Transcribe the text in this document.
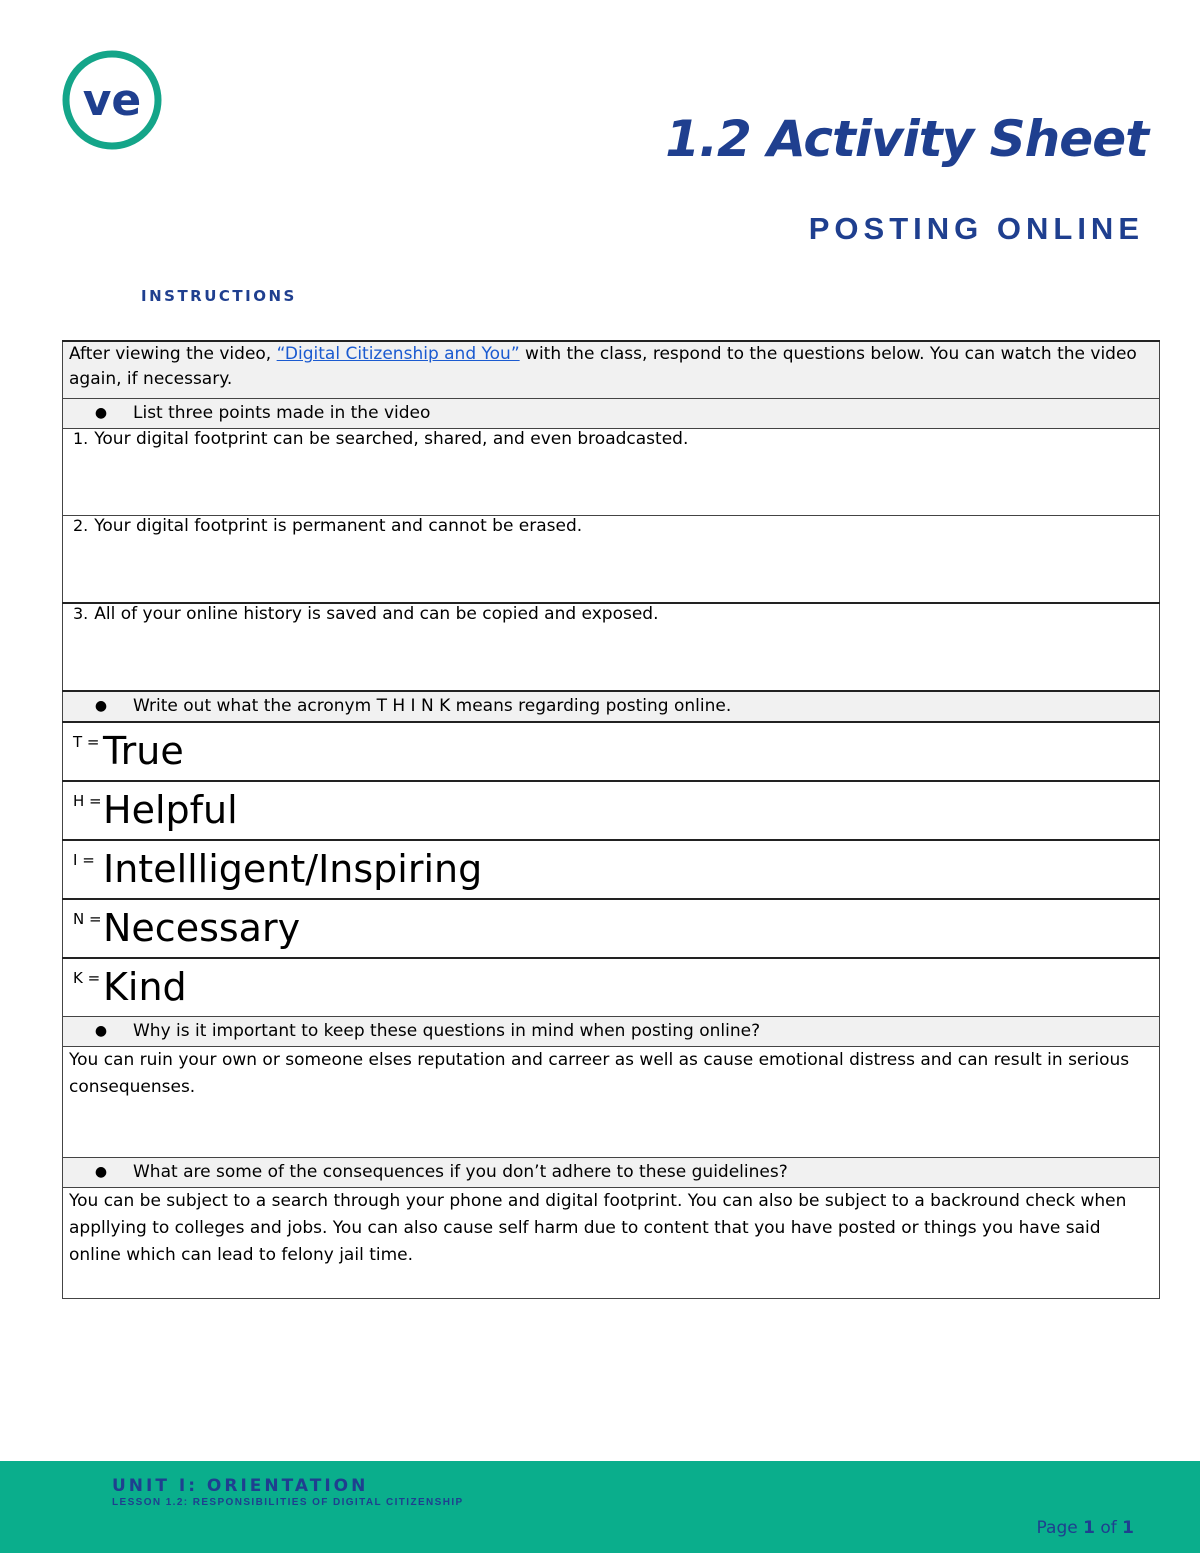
ve
1.2 Activity Sheet
POSTING ONLINE
INSTRUCTIONS
After viewing the video, “Digital Citizenship and You” with the class, respond to the questions below. You can watch the video again, if necessary.
● List three points made in the video
1. Your digital footprint can be searched, shared, and even broadcasted.
2. Your digital footprint is permanent and cannot be erased.
3. All of your online history is saved and can be copied and exposed.
● Write out what the acronym T H I N K means regarding posting online.
T =True
H =Helpful
I = Intellligent/Inspiring
N =Necessary
K =Kind
● Why is it important to keep these questions in mind when posting online?
You can ruin your own or someone elses reputation and carreer as well as cause emotional distress and can result in serious consequenses.
● What are some of the consequences if you don’t adhere to these guidelines?
You can be subject to a search through your phone and digital footprint. You can also be subject to a backround check when appllying to colleges and jobs. You can also cause self harm due to content that you have posted or things you have said online which can lead to felony jail time.
UNIT I: ORIENTATION
LESSON 1.2: RESPONSIBILITIES OF DIGITAL CITIZENSHIP
Page 1 of 1
